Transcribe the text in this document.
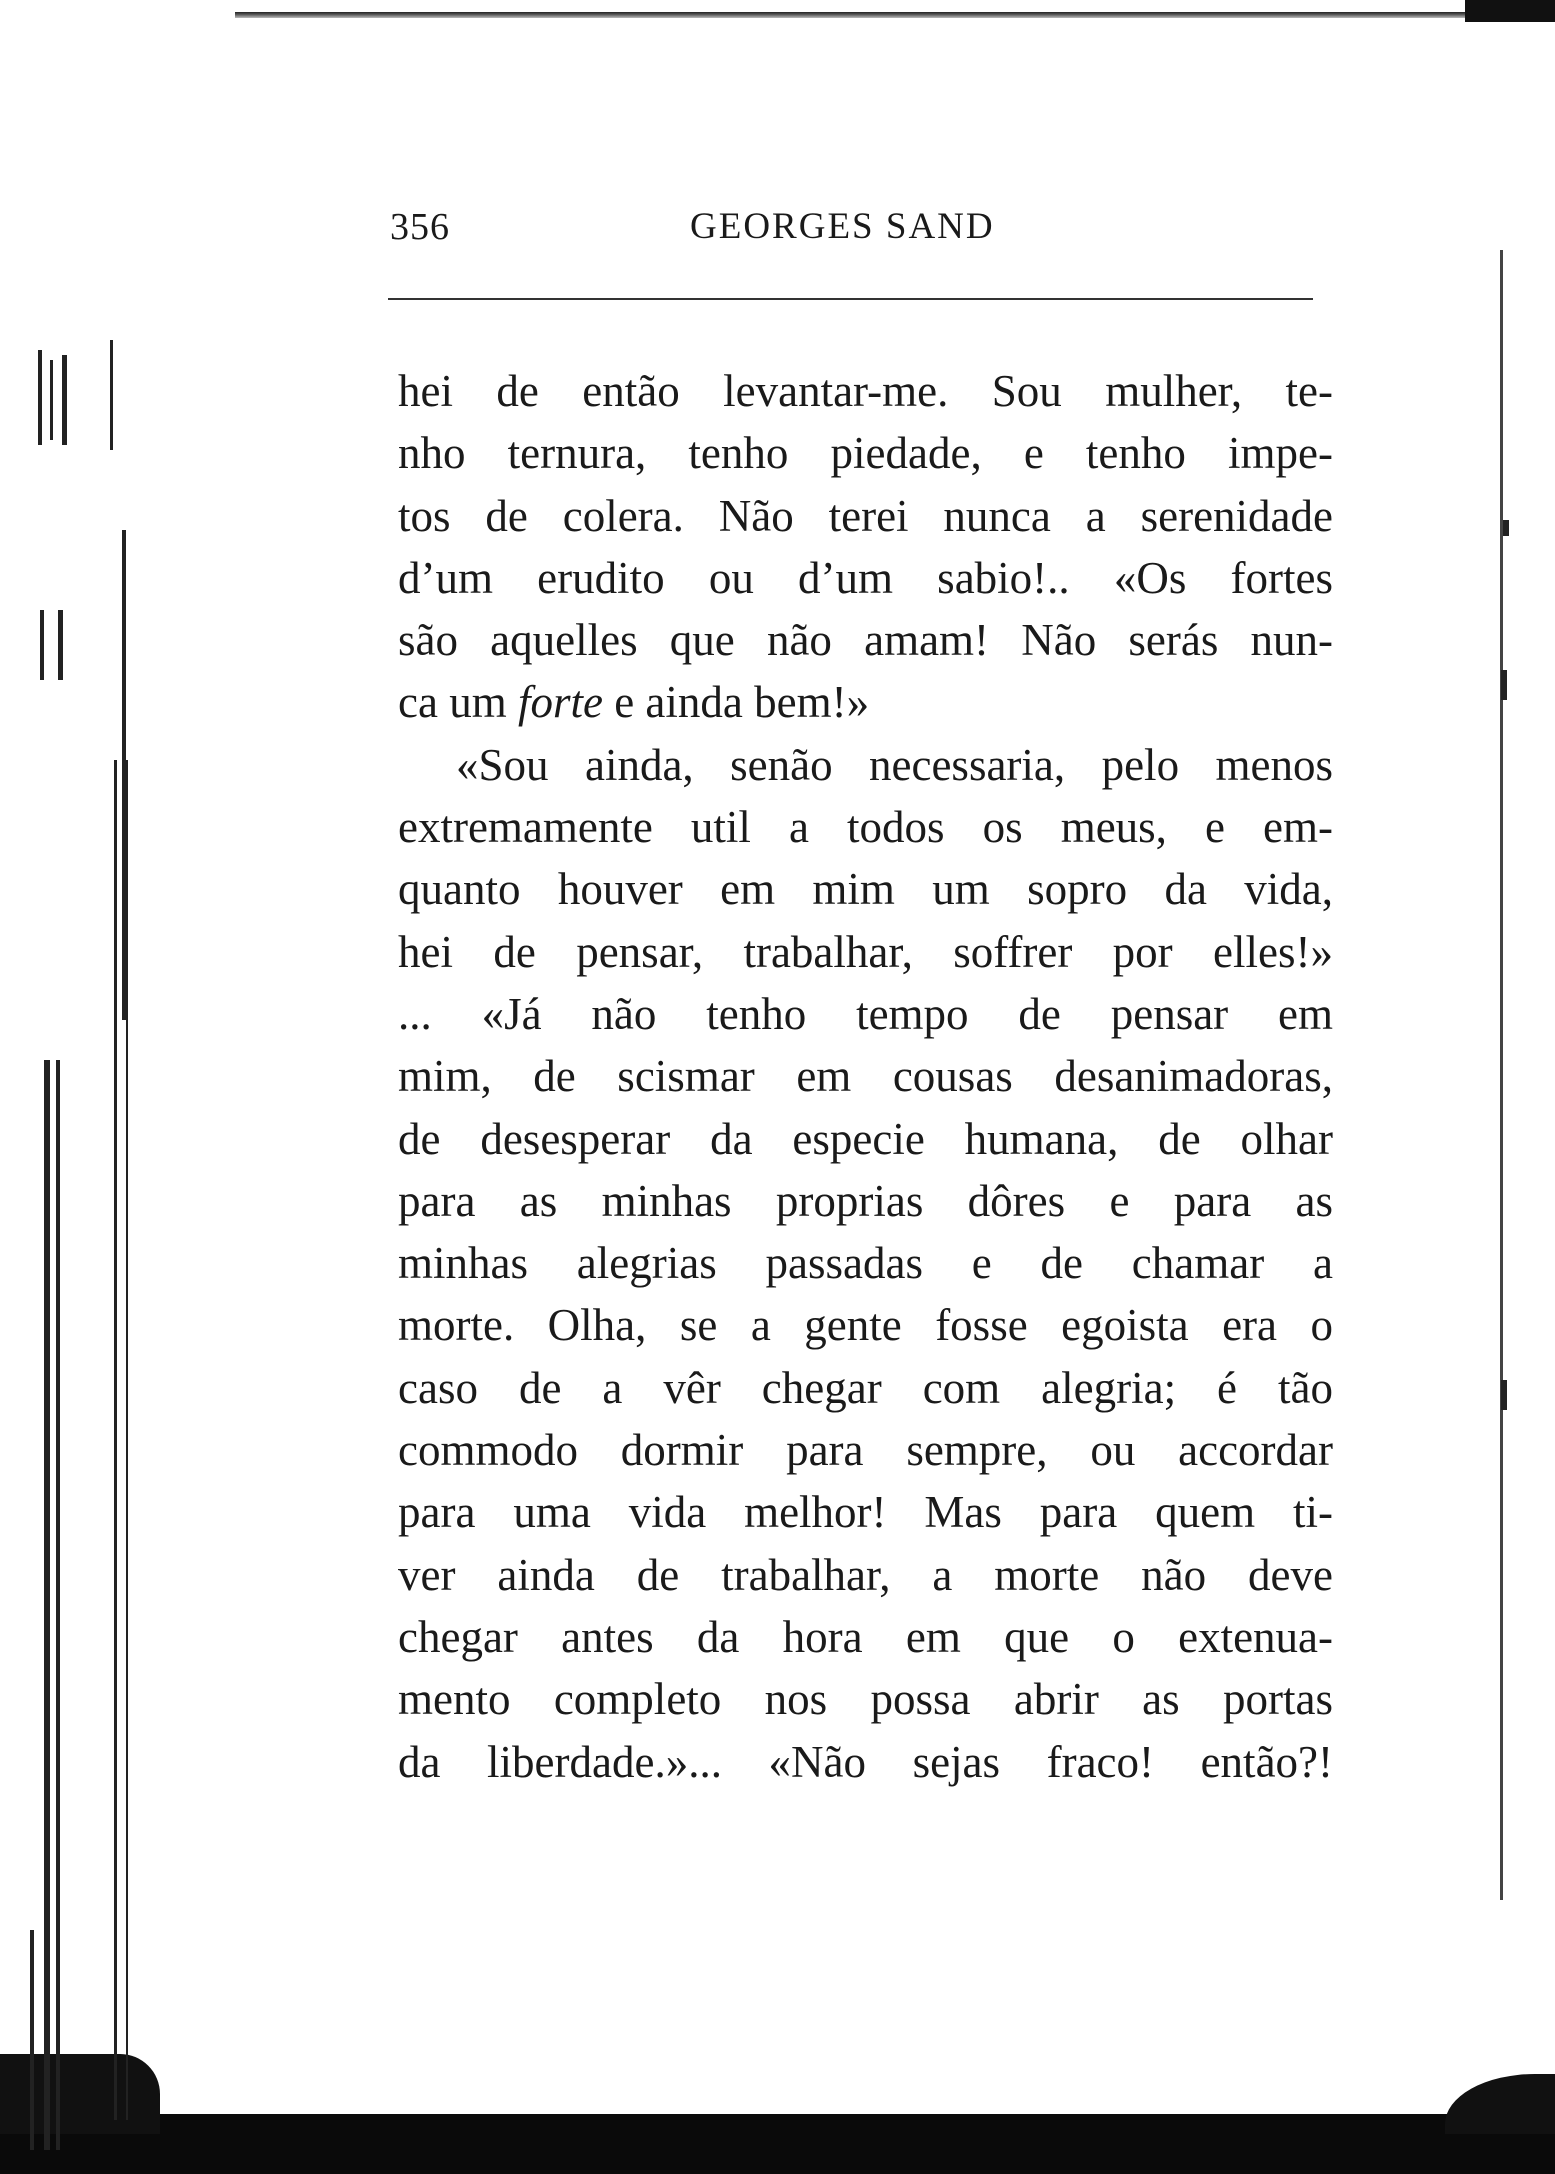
356	GEORGES SAND
hei de então levantar-me. Sou mulher, te-
nho ternura, tenho piedade, e tenho impe-
tos de colera. Não terei nunca a serenidade
d’um erudito ou d’um sabio!.. «Os fortes
são aquelles que não amam! Não serás nun-
ca um forte e ainda bem!»
«Sou ainda, senão necessaria, pelo menos
extremamente util a todos os meus, e em-
quanto houver em mim um sopro da vida,
hei de pensar, trabalhar, soffrer por elles!»
... «Já não tenho tempo de pensar em
mim, de scismar em cousas desanimadoras,
de desesperar da especie humana, de olhar
para as minhas proprias dôres e para as
minhas alegrias passadas e de chamar a
morte. Olha, se a gente fosse egoista era o
caso de a vêr chegar com alegria; é tão
commodo dormir para sempre, ou accordar
para uma vida melhor! Mas para quem ti-
ver ainda de trabalhar, a morte não deve
chegar antes da hora em que o extenua-
mento completo nos possa abrir as portas
da liberdade.»... «Não sejas fraco! então?!
